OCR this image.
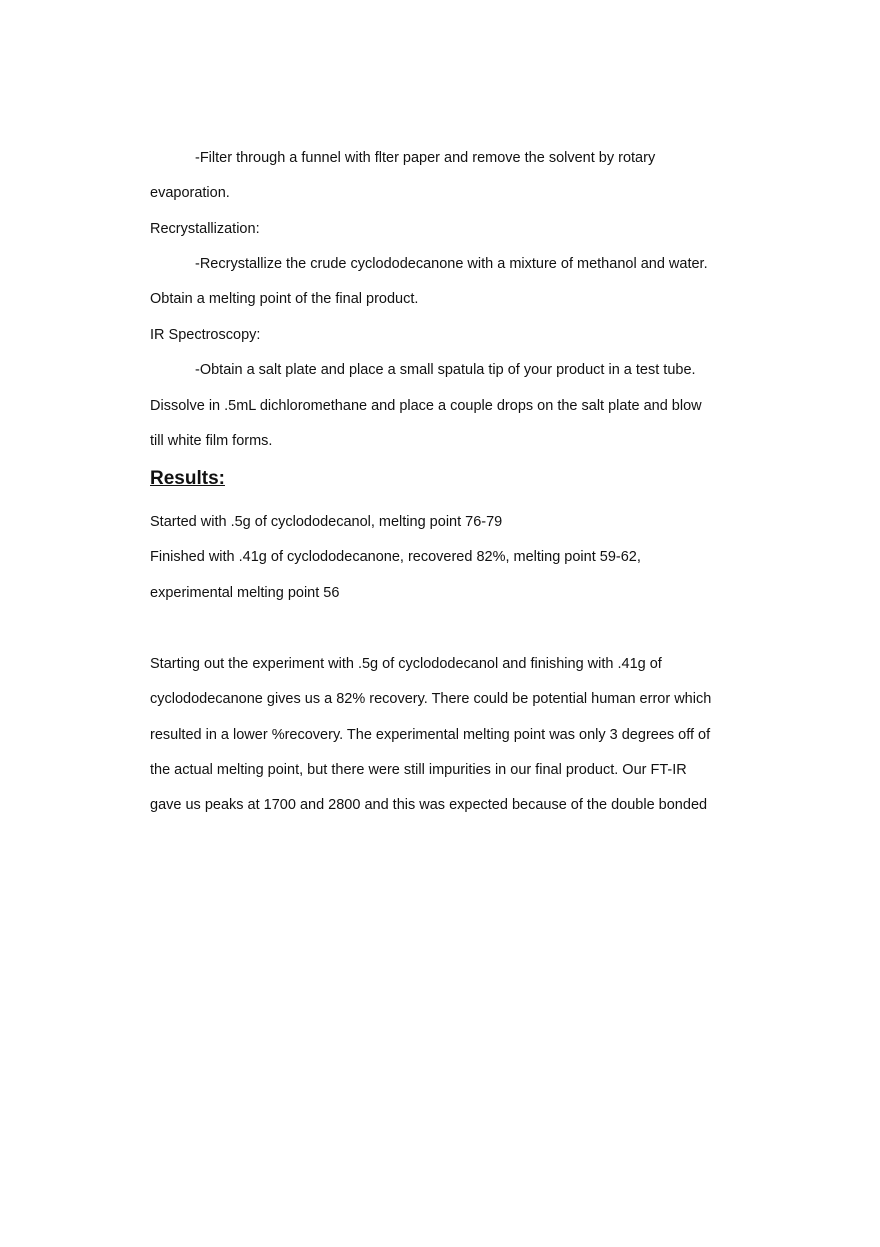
-Filter through a funnel with flter paper and remove the solvent by rotary
evaporation.
Recrystallization:
-Recrystallize the crude cyclododecanone with a mixture of methanol and water.
Obtain a melting point of the final product.
IR Spectroscopy:
-Obtain a salt plate and place a small spatula tip of your product in a test tube.
Dissolve in .5mL dichloromethane and place a couple drops on the salt plate and blow
till white film forms.
Results:
Started with .5g of cyclododecanol, melting point 76-79
Finished with .41g of cyclododecanone, recovered 82%, melting point 59-62,
experimental melting point 56
Starting out the experiment with .5g of cyclododecanol and finishing with .41g of
cyclododecanone gives us a 82% recovery. There could be potential human error which
resulted in a lower %recovery. The experimental melting point was only 3 degrees off of
the actual melting point, but there were still impurities in our final product. Our FT-IR
gave us peaks at 1700 and 2800 and this was expected because of the double bonded
